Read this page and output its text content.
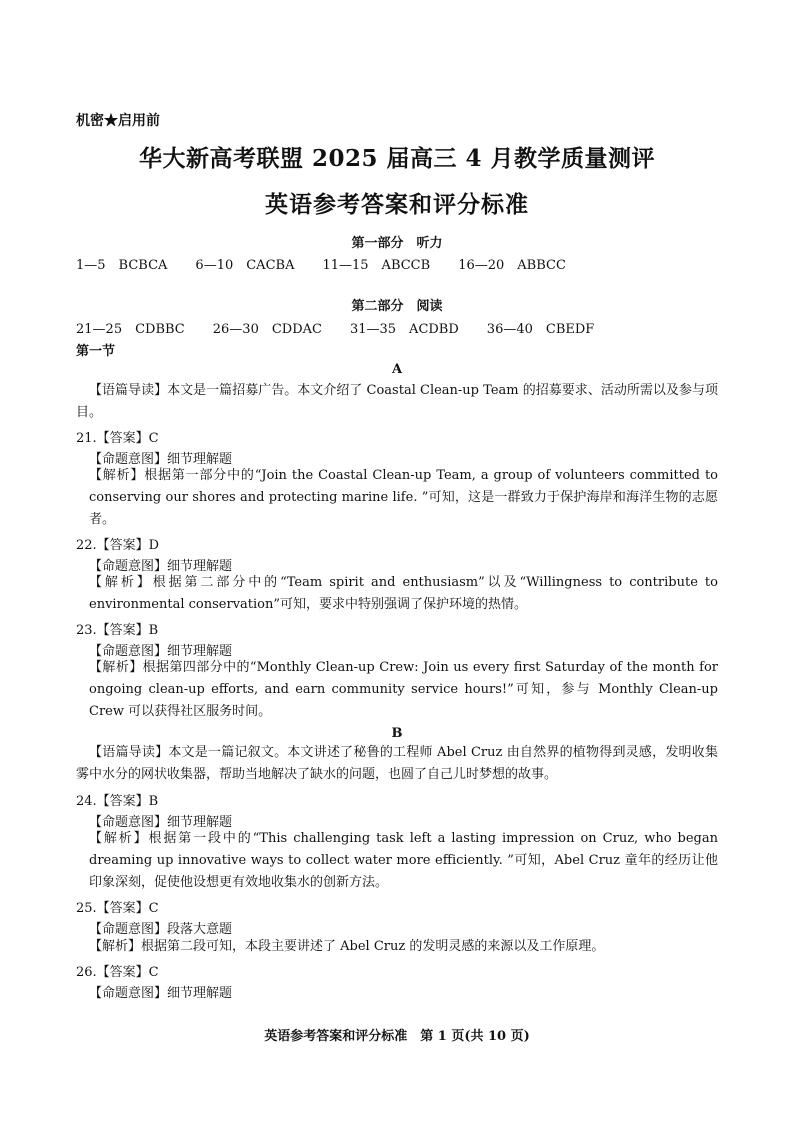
机密★启用前
华大新高考联盟 2025 届高三 4 月教学质量测评
英语参考答案和评分标准
第一部分　听力
1—5　BCBCA 6—10　CACBA 11—15　ABCCB 16—20　ABBCC
第二部分　阅读
21—25　CDBBC 26—30　CDDAC 31—35　ACDBD 36—40　CBEDF
第一节
A
【语篇导读】本文是一篇招募广告。本文介绍了 Coastal Clean-up Team 的招募要求、活动所需以及参与项目。
21.【答案】C
【命题意图】细节理解题
【解析】根据第一部分中的“Join the Coastal Clean-up Team, a group of volunteers committed to conserving our shores and protecting marine life. ”可知，这是一群致力于保护海岸和海洋生物的志愿者。
22.【答案】D
【命题意图】细节理解题
【解析】根据第二部分中的“Team spirit and enthusiasm”以及“Willingness to contribute to environmental conservation”可知，要求中特别强调了保护环境的热情。
23.【答案】B
【命题意图】细节理解题
【解析】根据第四部分中的“Monthly Clean-up Crew: Join us every first Saturday of the month for ongoing clean-up efforts, and earn community service hours!”可知，参与 Monthly Clean-up Crew 可以获得社区服务时间。
B
【语篇导读】本文是一篇记叙文。本文讲述了秘鲁的工程师 Abel Cruz 由自然界的植物得到灵感，发明收集雾中水分的网状收集器，帮助当地解决了缺水的问题，也圆了自己儿时梦想的故事。
24.【答案】B
【命题意图】细节理解题
【解析】根据第一段中的“This challenging task left a lasting impression on Cruz, who began dreaming up innovative ways to collect water more efficiently. ”可知，Abel Cruz 童年的经历让他印象深刻，促使他设想更有效地收集水的创新方法。
25.【答案】C
【命题意图】段落大意题
【解析】根据第二段可知，本段主要讲述了 Abel Cruz 的发明灵感的来源以及工作原理。
26.【答案】C
【命题意图】细节理解题
英语参考答案和评分标准　第 1 页(共 10 页)
